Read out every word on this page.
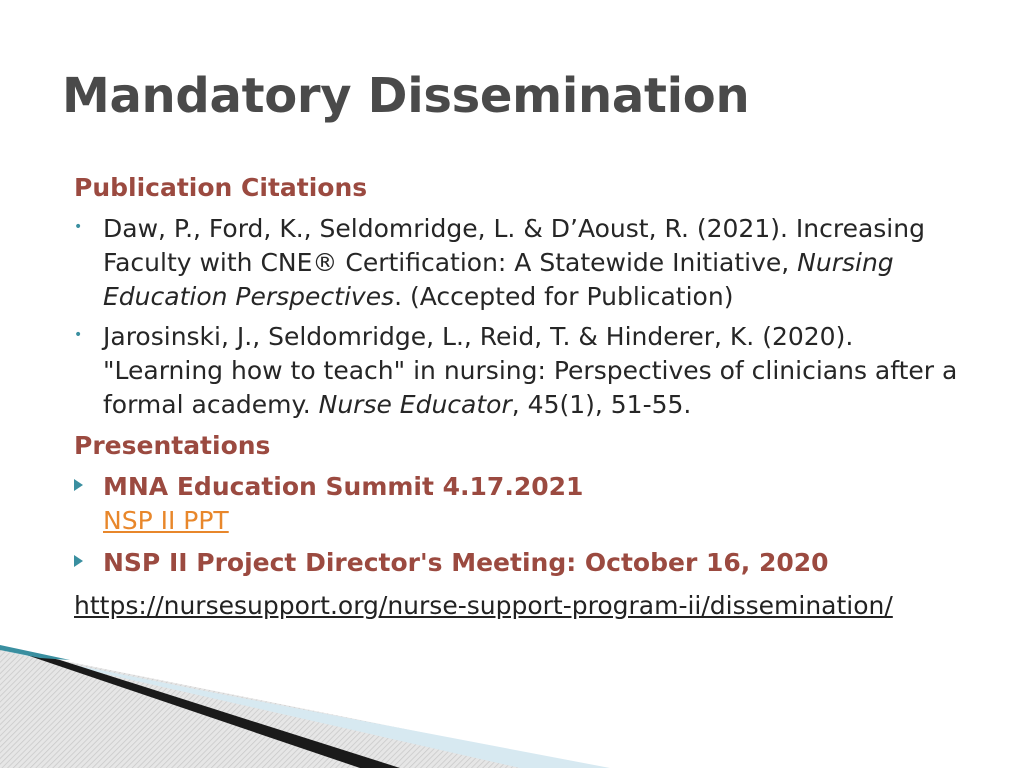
Mandatory Dissemination
Publication Citations
• Daw, P., Ford, K., Seldomridge, L. & D’Aoust, R. (2021). Increasing Faculty with CNE® Certification: A Statewide Initiative, Nursing Education Perspectives. (Accepted for Publication)
• Jarosinski, J., Seldomridge, L., Reid, T. & Hinderer, K. (2020). "Learning how to teach" in nursing: Perspectives of clinicians after a formal academy. Nurse Educator, 45(1), 51-55.
Presentations
MNA Education Summit 4.17.2021
NSP II PPT
NSP II Project Director's Meeting: October 16, 2020
https://nursesupport.org/nurse-support-program-ii/dissemination/
